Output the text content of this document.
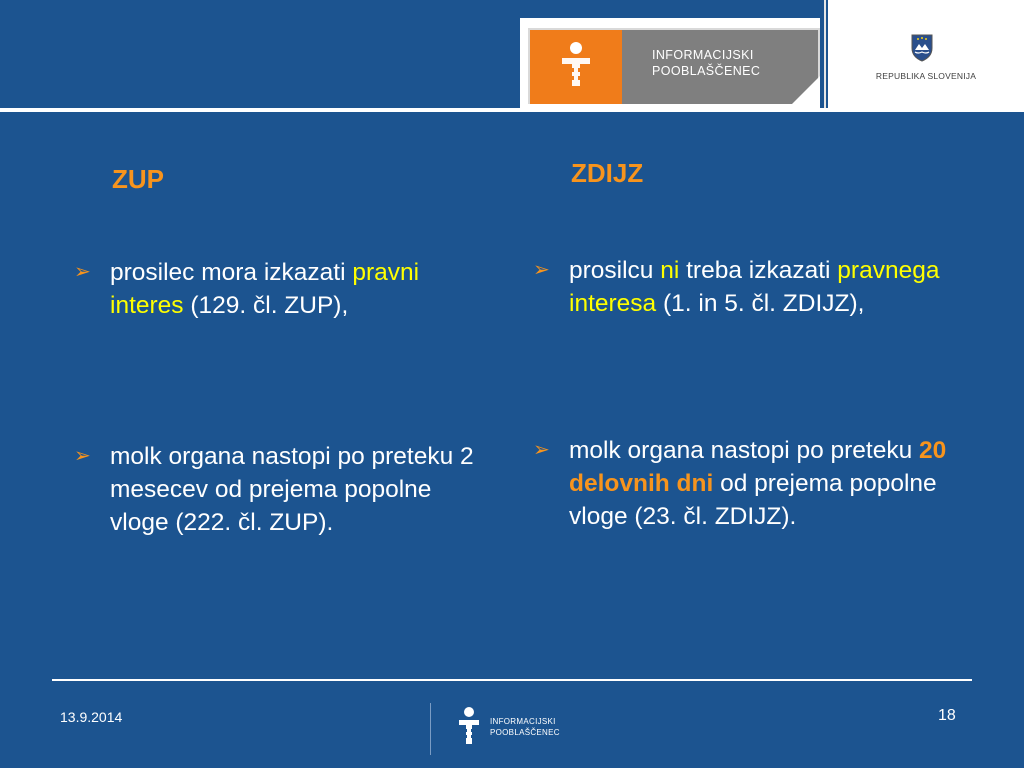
INFORMACIJSKI
POOBLAŠČENEC	REPUBLIKA SLOVENIJA
ZUP	ZDIJZ
➢ prosilec mora izkazati pravni interes (129. čl. ZUP),
➢ molk organa nastopi po preteku 2 mesecev od prejema popolne vloge (222. čl. ZUP).
➢ prosilcu ni treba izkazati pravnega interesa (1. in 5. čl. ZDIJZ),
➢ molk organa nastopi po preteku 20 delovnih dni od prejema popolne vloge (23. čl. ZDIJZ).
13.9.2014	INFORMACIJSKI
POOBLAŠČENEC
18
